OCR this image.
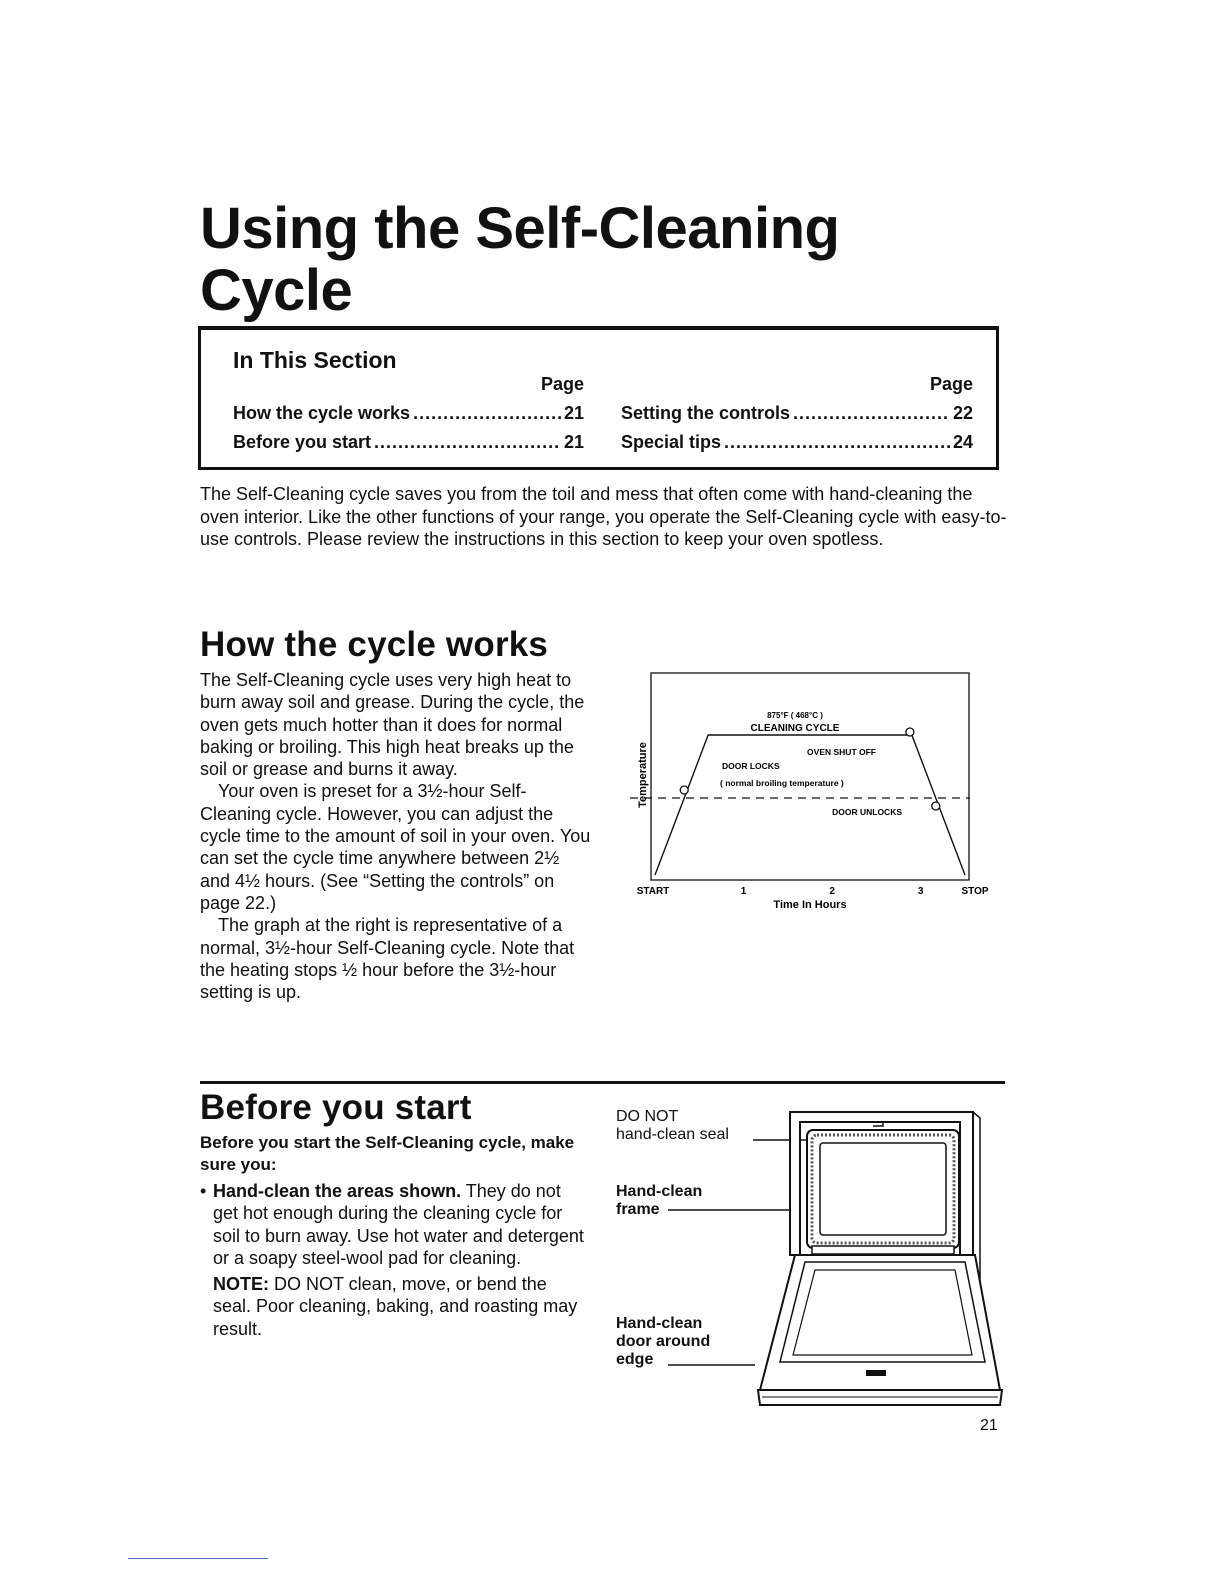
Using the Self-Cleaning
Cycle
In This Section
Page
How the cycle works .....	21
Before you start .....	21
Page
Setting the controls .....	22
Special tips .....	24
The Self-Cleaning cycle saves you from the toil and mess that often come with hand-cleaning the oven interior. Like the other functions of your range, you operate the Self-Cleaning cycle with easy-to-use controls. Please review the instructions in this section to keep your oven spotless.
How the cycle works

The Self-Cleaning cycle uses very high heat to burn away soil and grease. During the cycle, the oven gets much hotter than it does for normal baking or broiling. This high heat breaks up the soil or grease and burns it away.

Your oven is preset for a 3½-hour Self-Cleaning cycle. However, you can adjust the cycle time to the amount of soil in your oven. You can set the cycle time anywhere between 2½ and 4½ hours. (See “Setting the controls” on page 22.)

The graph at the right is representative of a normal, 3½-hour Self-Cleaning cycle. Note that the heating stops ½ hour before the 3½-hour setting is up.

Temperature
875°F ( 468°C )
CLEANING CYCLE
OVEN SHUT OFF
DOOR LOCKS
( normal broiling temperature )
DOOR UNLOCKS
START	1	2	3	STOP
Time In Hours
Before you start
Before you start the Self-Cleaning cycle, make sure you:
• Hand-clean the areas shown. They do not get hot enough during the cleaning cycle for soil to burn away. Use hot water and detergent or a soapy steel-wool pad for cleaning.
NOTE: DO NOT clean, move, or bend the seal. Poor cleaning, baking, and roasting may result.
DO NOT
hand-clean seal
Hand-clean
frame
Hand-clean
door around
edge
21
